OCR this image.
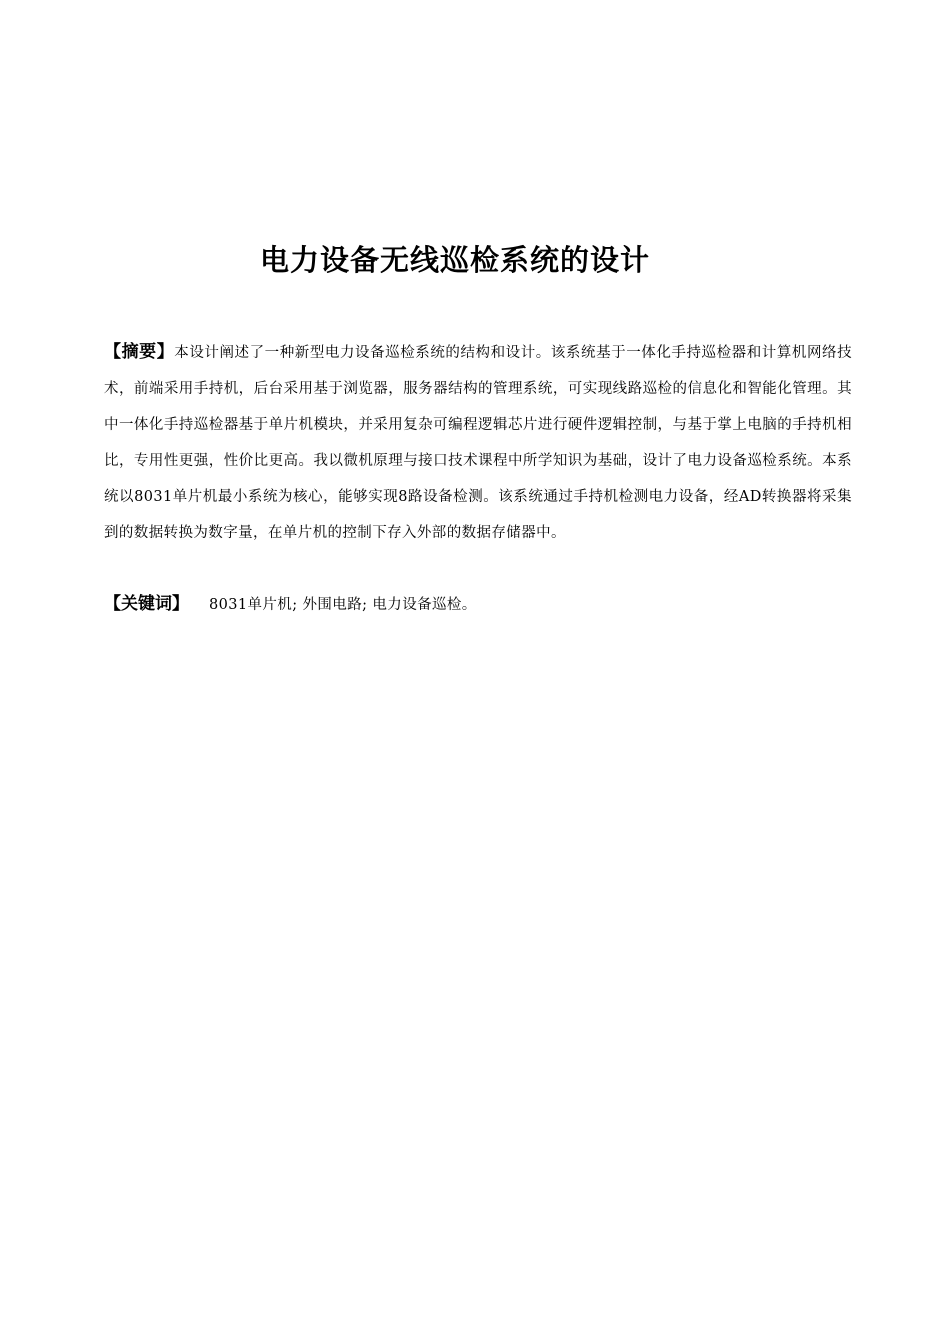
电力设备无线巡检系统的设计
【摘要】本设计阐述了一种新型电力设备巡检系统的结构和设计。该系统基于一体化手持巡检器和计算机网络技术，前端采用手持机，后台采用基于浏览器，服务器结构的管理系统，可实现线路巡检的信息化和智能化管理。其中一体化手持巡检器基于单片机模块，并采用复杂可编程逻辑芯片进行硬件逻辑控制，与基于掌上电脑的手持机相比，专用性更强，性价比更高。我以微机原理与接口技术课程中所学知识为基础，设计了电力设备巡检系统。本系统以8031单片机最小系统为核心，能够实现8路设备检测。该系统通过手持机检测电力设备，经AD转换器将采集到的数据转换为数字量，在单片机的控制下存入外部的数据存储器中。
【关键词】 8031单片机; 外围电路; 电力设备巡检。
